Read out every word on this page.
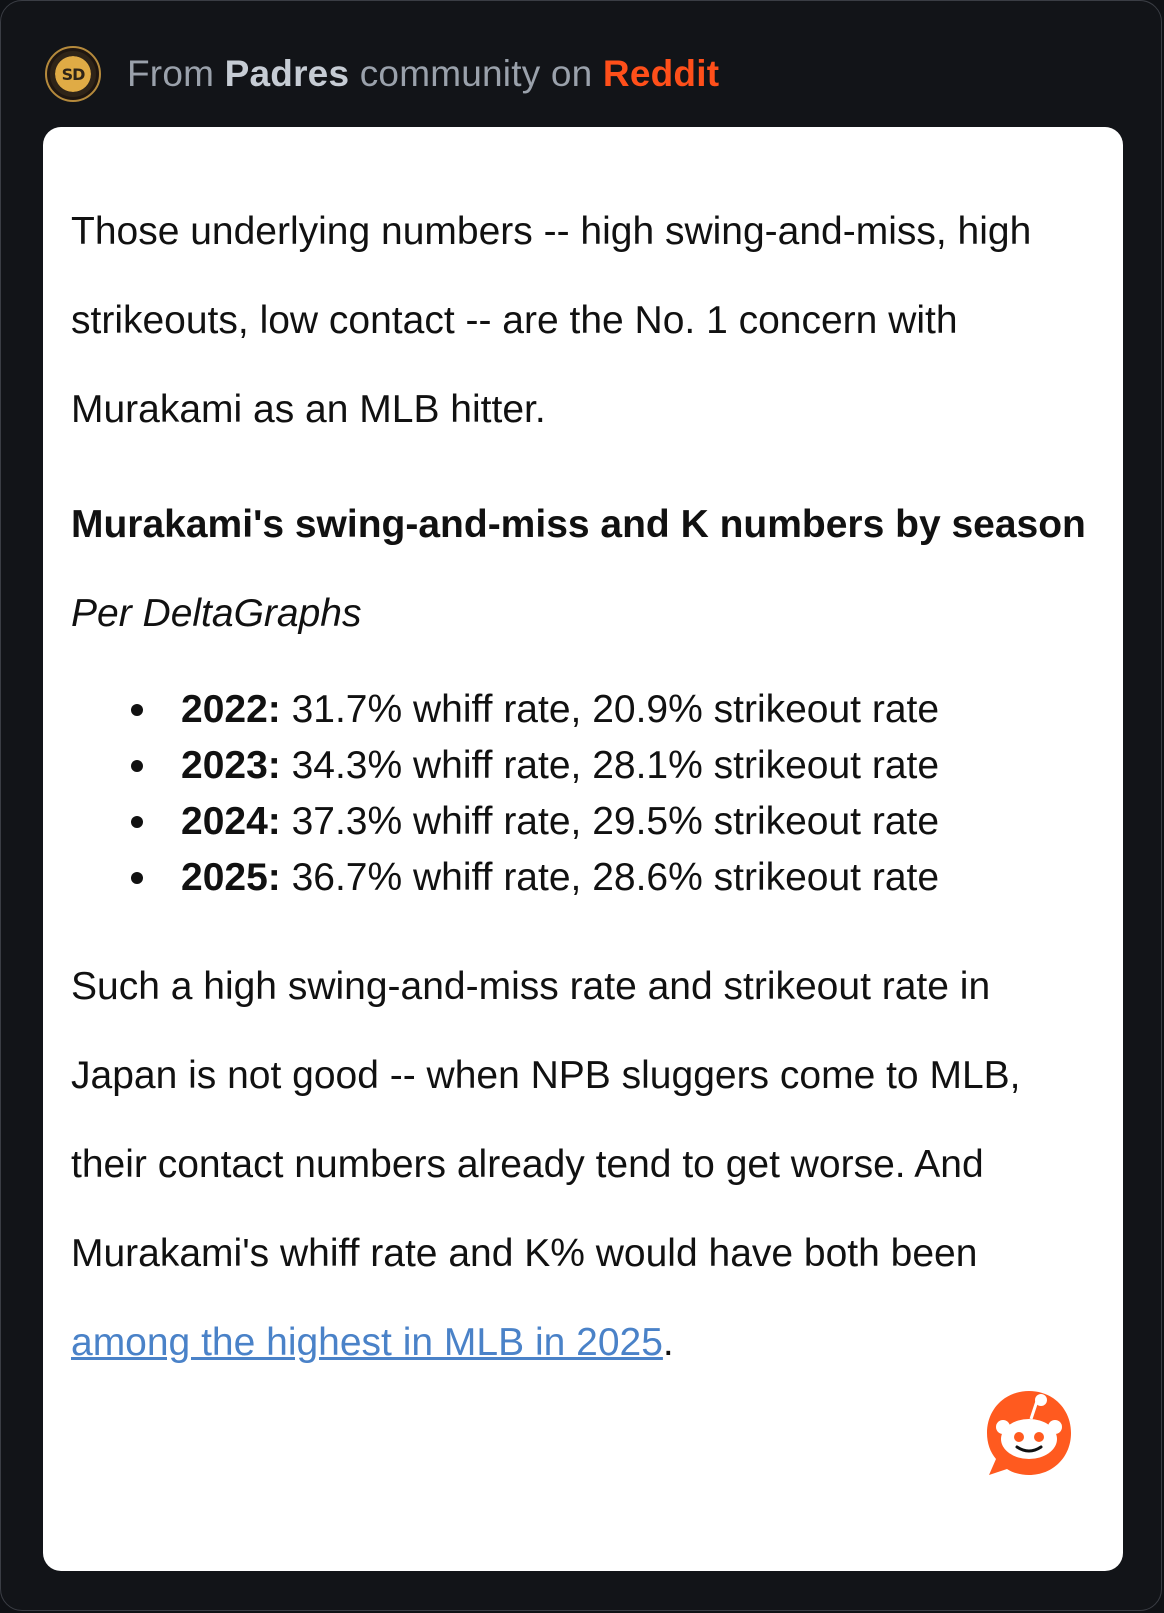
SD From Padres community on Reddit

Those underlying numbers -- high swing-and-miss, high strikeouts, low contact -- are the No. 1 concern with Murakami as an MLB hitter.

Murakami's swing-and-miss and K numbers by season

Per DeltaGraphs

2022: 31.7% whiff rate, 20.9% strikeout rate
2023: 34.3% whiff rate, 28.1% strikeout rate
2024: 37.3% whiff rate, 29.5% strikeout rate
2025: 36.7% whiff rate, 28.6% strikeout rate

Such a high swing-and-miss rate and strikeout rate in Japan is not good -- when NPB sluggers come to MLB, their contact numbers already tend to get worse. And Murakami's whiff rate and K% would have both been among the highest in MLB in 2025.
